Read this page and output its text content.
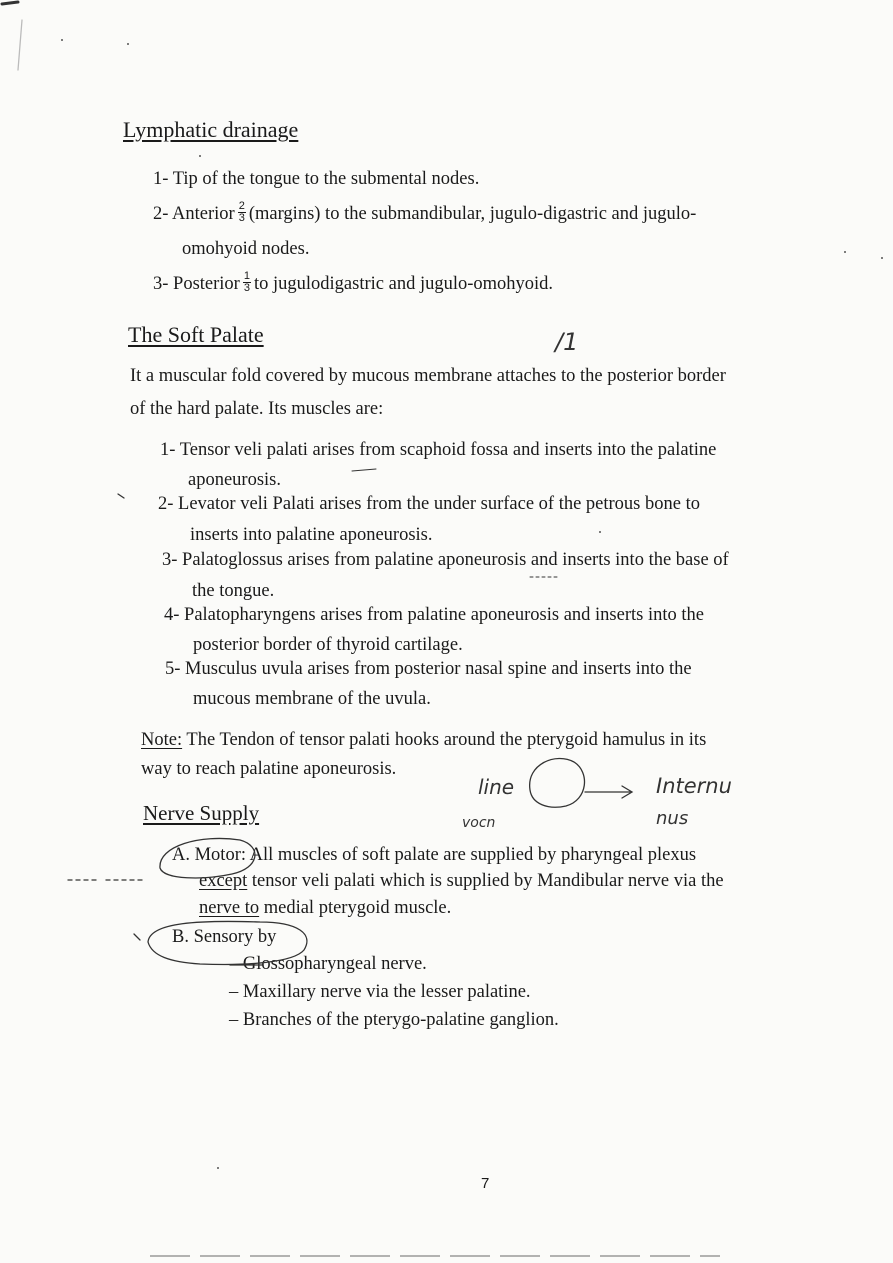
Lymphatic drainage
1- Tip of the tongue to the submental nodes.
2- Anterior $\frac{2}{3}$ (margins) to the submandibular, jugulo-digastric and jugulo-
omohyoid nodes.
3- Posterior $\frac{1}{3}$ to jugulodigastric and jugulo-omohyoid.
The Soft Palate	/1
It a muscular fold covered by mucous membrane attaches to the posterior border
of the hard palate. Its muscles are:
1- Tensor veli palati arises from scaphoid fossa and inserts into the palatine
aponeurosis.
2- Levator veli Palati arises from the under surface of the petrous bone to
inserts into palatine aponeurosis.
3- Palatoglossus arises from palatine aponeurosis and inserts into the base of
the tongue.
4- Palatopharyngens arises from palatine aponeurosis and inserts into the
posterior border of thyroid cartilage.
5- Musculus uvula arises from posterior nasal spine and inserts into the
mucous membrane of the uvula.
Note: The Tendon of tensor palati hooks around the pterygoid hamulus in its
way to reach palatine aponeurosis.
line
vocn
Internu
nus
Nerve Supply
A. Motor: All muscles of soft palate are supplied by pharyngeal plexus
except tensor veli palati which is supplied by Mandibular nerve via the
nerve to medial pterygoid muscle.
B. Sensory by
Glossopharyngeal nerve.
– Maxillary nerve via the lesser palatine.
– Branches of the pterygo-palatine ganglion.
7
